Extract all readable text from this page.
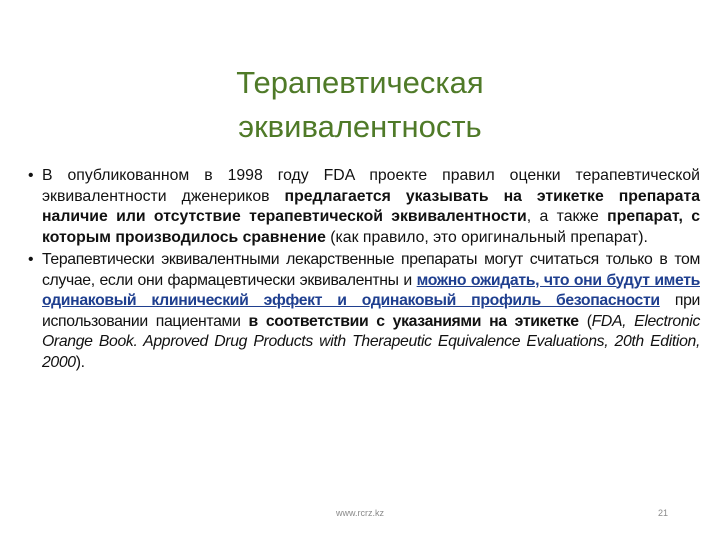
Терапевтическая
эквивалентность
• В опубликованном в 1998 году FDA проекте правил оценки терапевтической эквивалентности дженериков предлагается указывать на этикетке препарата наличие или отсутствие терапевтической эквивалентности, а также препарат, с которым производилось сравнение (как правило, это оригинальный препарат).
• Терапевтически эквивалентными лекарственные препараты могут считаться только в том случае, если они фармацевтически эквивалентны и можно ожидать, что они будут иметь одинаковый клинический эффект и одинаковый профиль безопасности при использовании пациентами в соответствии с указаниями на этикетке (FDA, Electronic Orange Book. Approved Drug Products with Therapeutic Equivalence Evaluations, 20th Edition, 2000).
www.rcrz.kz	21
